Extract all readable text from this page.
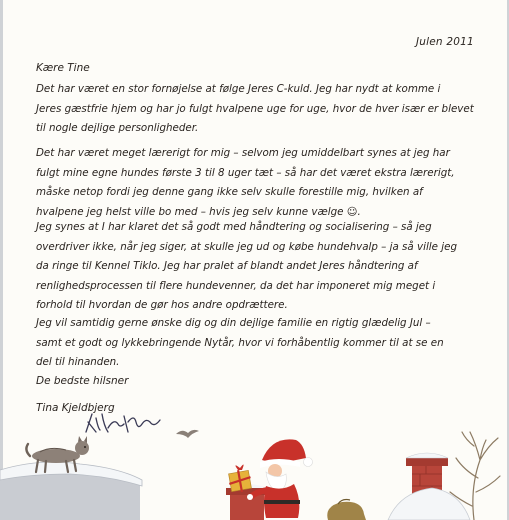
Julen 2011
Kære Tine

Det har været en stor fornøjelse at følge Jeres C-kuld. Jeg har nydt at komme i
Jeres gæstfrie hjem og har jo fulgt hvalpene uge for uge, hvor de hver især er blevet
til nogle dejlige personligheder.

Det har været meget lærerigt for mig – selvom jeg umiddelbart synes at jeg har
fulgt mine egne hundes første 3 til 8 uger tæt – så har det været ekstra lærerigt,
måske netop fordi jeg denne gang ikke selv skulle forestille mig, hvilken af
hvalpene jeg helst ville bo med – hvis jeg selv kunne vælge ☺.

Jeg synes at I har klaret det så godt med håndtering og socialisering – så jeg
overdriver ikke, når jeg siger, at skulle jeg ud og købe hundehvalp – ja så ville jeg
da ringe til Kennel Tiklo. Jeg har pralet af blandt andet Jeres håndtering af
renlighedsprocessen til flere hundevenner, da det har imponeret mig meget i
forhold til hvordan de gør hos andre opdrættere.

Jeg vil samtidig gerne ønske dig og din dejlige familie en rigtig glædelig Jul –
samt et godt og lykkebringende Nytår, hvor vi forhåbentlig kommer til at se en
del til hinanden.

De bedste hilsner
Tina Kjeldbjerg
